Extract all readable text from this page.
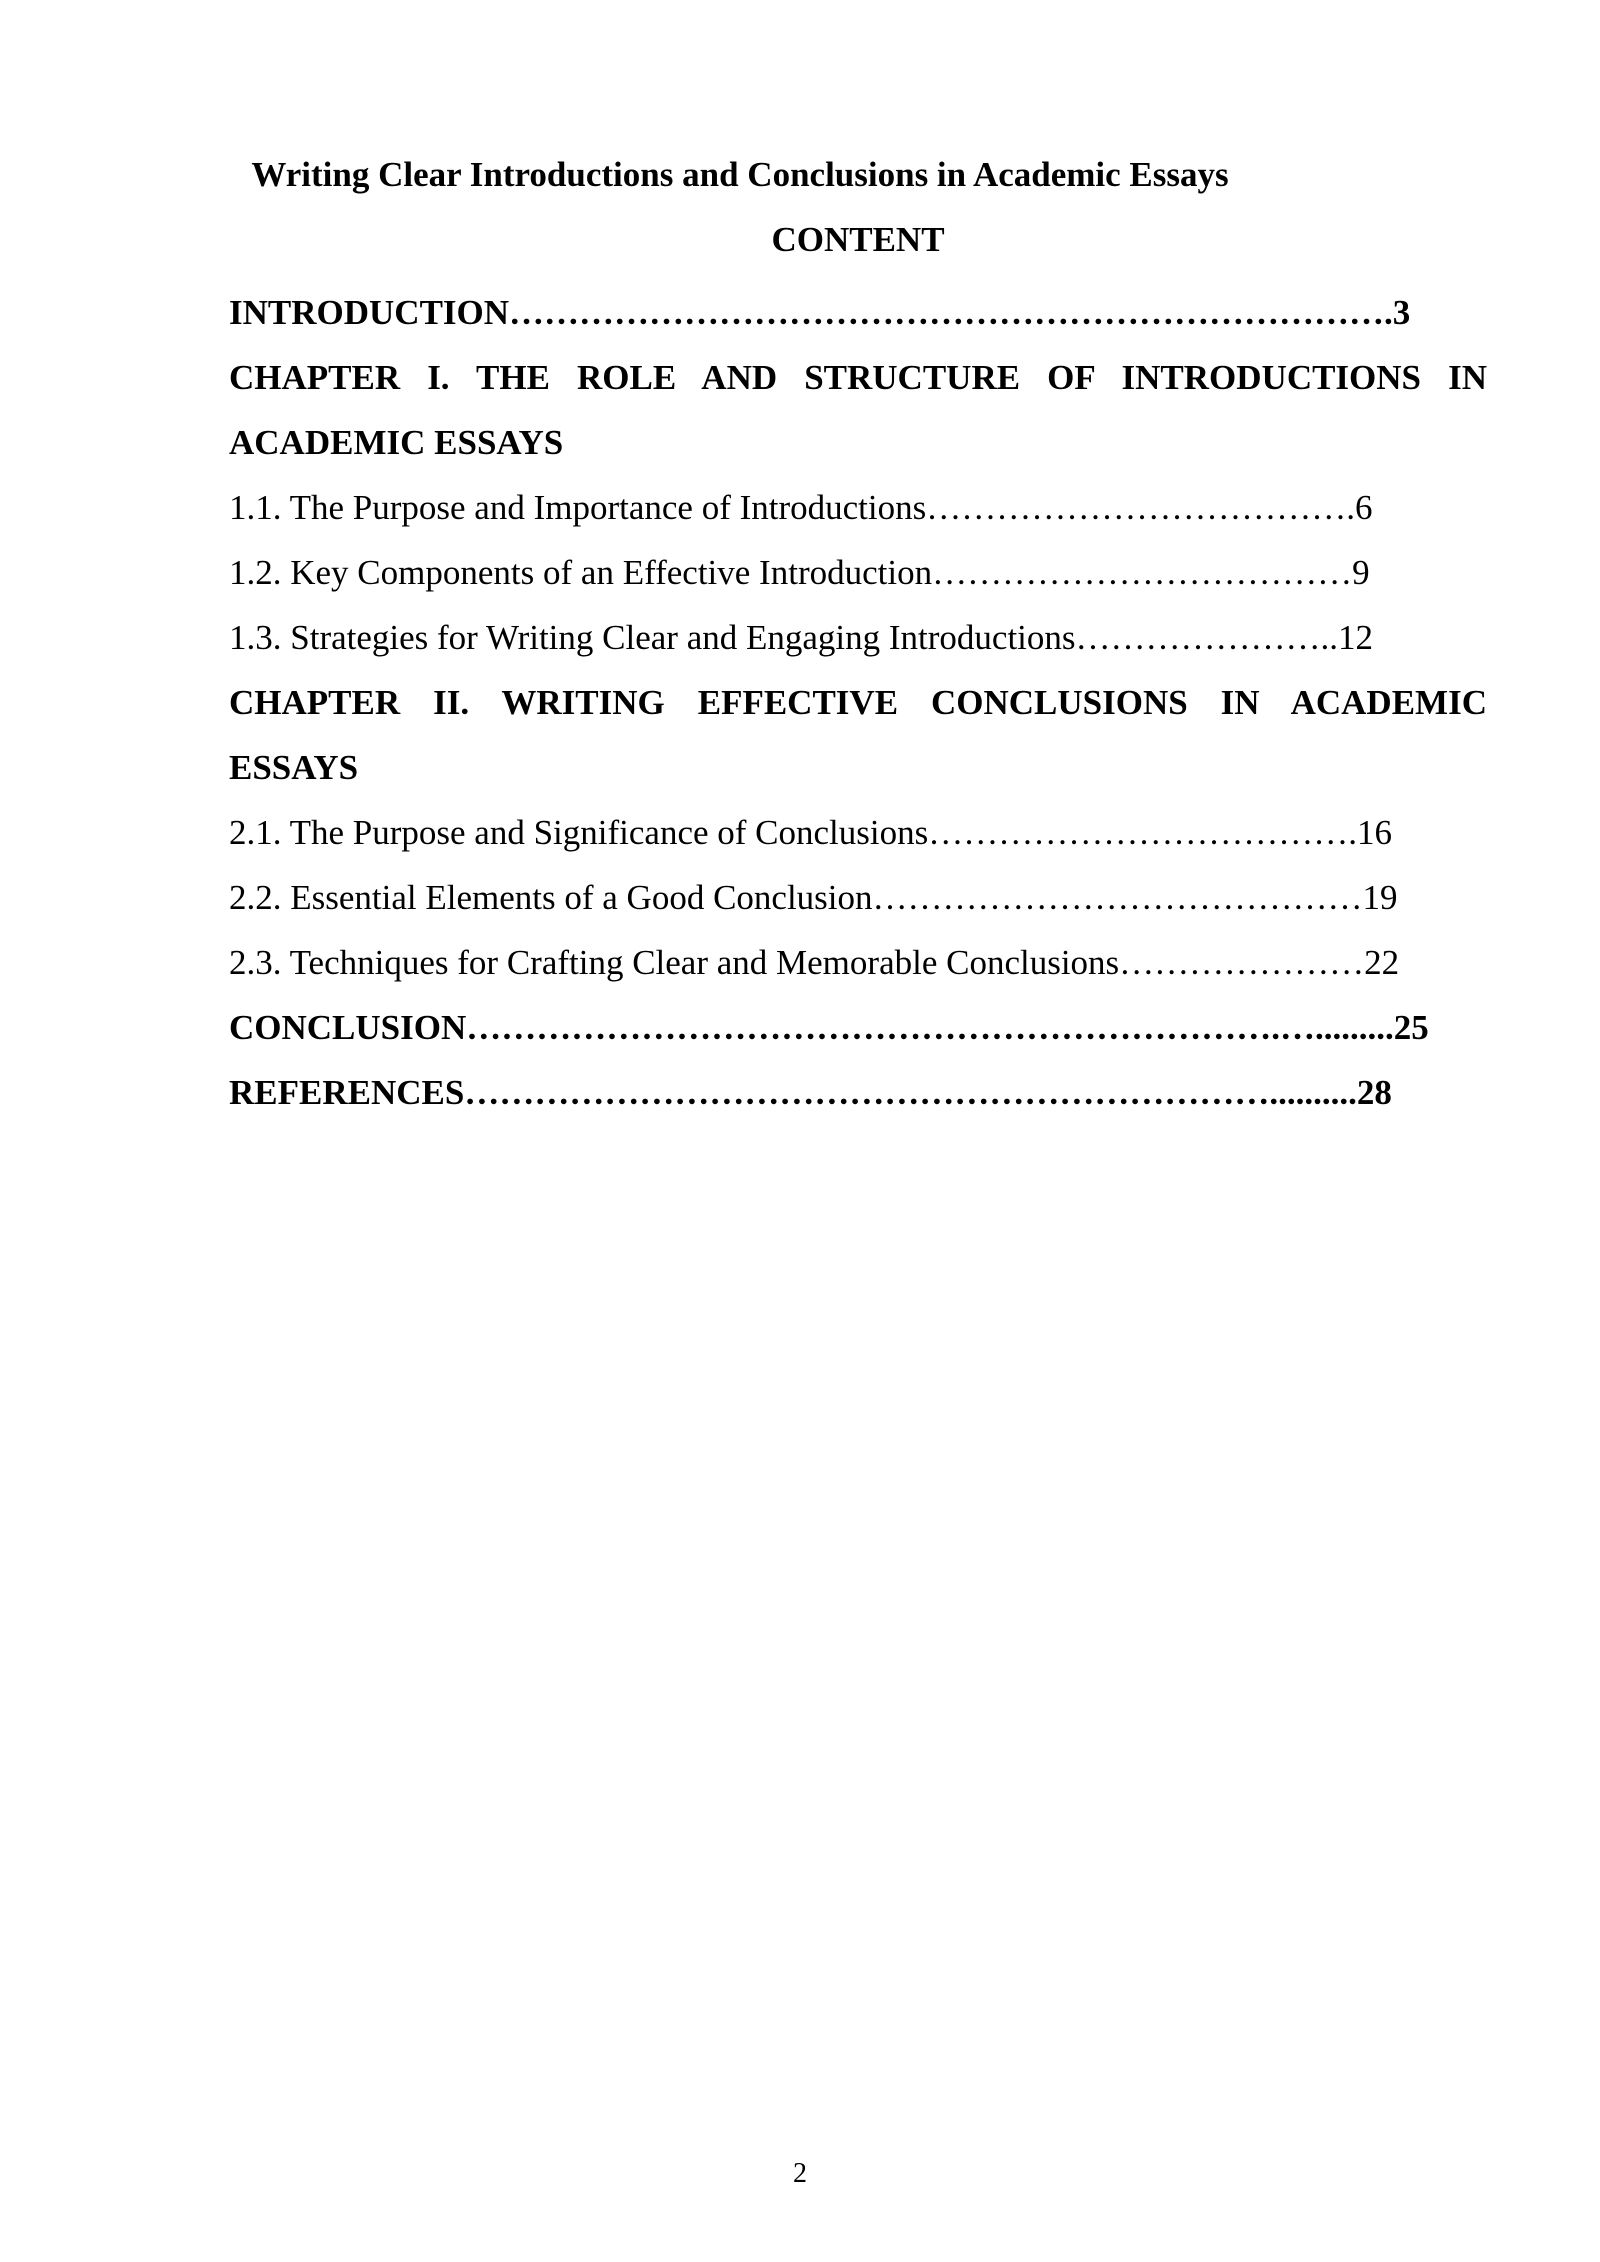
Writing Clear Introductions and Conclusions in Academic Essays
CONTENT
INTRODUCTION………………………………………………………………….3
CHAPTER I. THE ROLE AND STRUCTURE OF INTRODUCTIONS IN
ACADEMIC ESSAYS
1.1. The Purpose and Importance of Introductions……………………………….6
1.2. Key Components of an Effective Introduction………………………………9
1.3. Strategies for Writing Clear and Engaging Introductions…………………..12
CHAPTER II. WRITING EFFECTIVE CONCLUSIONS IN ACADEMIC
ESSAYS
2.1. The Purpose and Significance of Conclusions……………………………….16
2.2. Essential Elements of a Good Conclusion……………………………………19
2.3. Techniques for Crafting Clear and Memorable Conclusions…………………22
CONCLUSION…………………………………………………………….….........25
REFERENCES……………………………………………………………..........28
2
